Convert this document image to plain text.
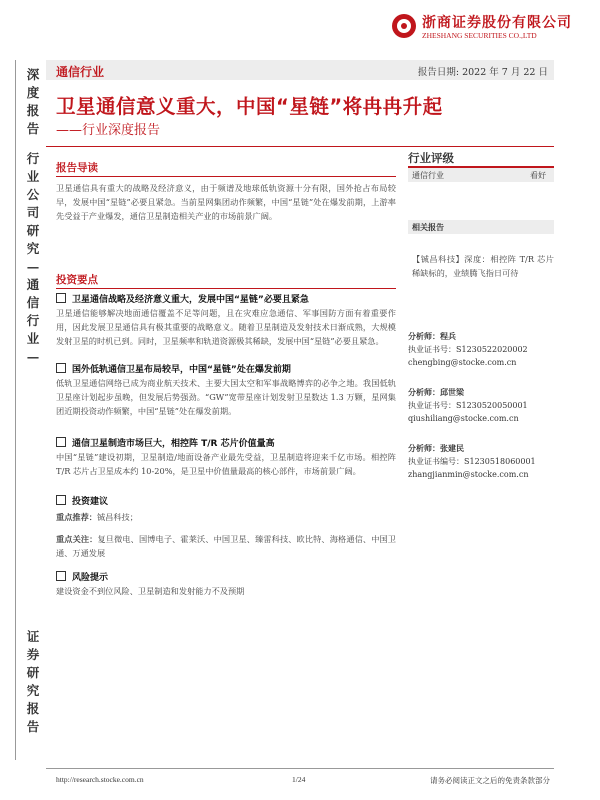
浙商证券股份有限公司
ZHESHANG SECURITIES CO.,LTD
深
度
报
告
行
业
公
司
研
究
—
通
信
行
业
—
证
券
研
究
报
告
通信行业	报告日期: 2022 年 7 月 22 日
卫星通信意义重大，中国“星链”将冉冉升起
——行业深度报告
报告导读
卫星通信具有重大的战略及经济意义，由于频谱及地球低轨资源十分有限，国外抢占布局较早，发展中国“星链”必要且紧急。当前星网集团动作频繁，中国“星链”处在爆发前期，上游率先受益于产业爆发，通信卫星制造相关产业的市场前景广阔。
投资要点
卫星通信战略及经济意义重大，发展中国“星链”必要且紧急
卫星通信能够解决地面通信覆盖不足等问题，且在灾难应急通信、军事国防方面有着重要作用，因此发展卫星通信具有极其重要的战略意义。随着卫星制造及发射技术日渐成熟，大规模发射卫星的时机已到。同时，卫星频率和轨道资源极其稀缺，发展中国“星链”必要且紧急。
国外低轨通信卫星布局较早，中国“星链”处在爆发前期
低轨卫星通信网络已成为商业航天技术、主要大国太空和军事战略博弈的必争之地。我国低轨卫星座计划起步虽晚，但发展后势强劲。“GW”宽带星座计划发射卫星数达 1.3 万颗，星网集团近期投资动作频繁，中国“星链”处在爆发前期。
通信卫星制造市场巨大，相控阵 T/R 芯片价值量高
中国“星链”建设初期，卫星制造/地面设备产业最先受益，卫星制造将迎来千亿市场。相控阵 T/R 芯片占卫星成本约 10-20%，是卫星中价值量最高的核心部件，市场前景广阔。
投资建议
重点推荐：铖昌科技；
重点关注：复旦微电、国博电子、霍莱沃、中国卫星、臻雷科技、欧比特、海格通信、中国卫通、万通发展
风险提示
建设资金不到位风险、卫星制造和发射能力不及预期
行业评级
通信行业	看好
相关报告
【铖昌科技】深度：相控阵 T/R 芯片稀缺标的，业绩腾飞指日可待
分析师：程兵
执业证书号：S1230522020002
chengbing@stocke.com.cn
分析师：邱世梁
执业证书号：S1230520050001
qiushiliang@stocke.com.cn
分析师：张建民
执业证书编号：S1230518060001
zhangjianmin@stocke.com.cn
http://research.stocke.com.cn	1/24	请务必阅读正文之后的免责条款部分
